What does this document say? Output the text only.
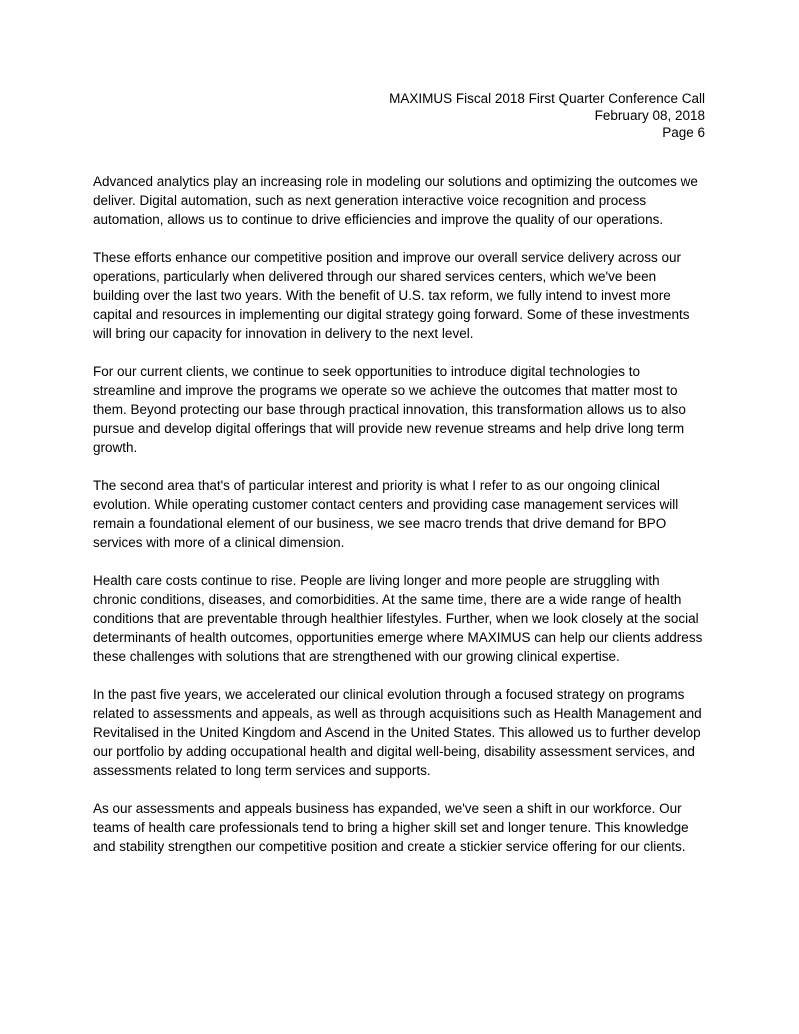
MAXIMUS Fiscal 2018 First Quarter Conference Call
February 08, 2018
Page 6

Advanced analytics play an increasing role in modeling our solutions and optimizing the outcomes we deliver. Digital automation, such as next generation interactive voice recognition and process automation, allows us to continue to drive efficiencies and improve the quality of our operations.

These efforts enhance our competitive position and improve our overall service delivery across our operations, particularly when delivered through our shared services centers, which we've been building over the last two years. With the benefit of U.S. tax reform, we fully intend to invest more capital and resources in implementing our digital strategy going forward. Some of these investments will bring our capacity for innovation in delivery to the next level.

For our current clients, we continue to seek opportunities to introduce digital technologies to streamline and improve the programs we operate so we achieve the outcomes that matter most to them. Beyond protecting our base through practical innovation, this transformation allows us to also pursue and develop digital offerings that will provide new revenue streams and help drive long term growth.

The second area that's of particular interest and priority is what I refer to as our ongoing clinical evolution. While operating customer contact centers and providing case management services will remain a foundational element of our business, we see macro trends that drive demand for BPO services with more of a clinical dimension.

Health care costs continue to rise. People are living longer and more people are struggling with chronic conditions, diseases, and comorbidities. At the same time, there are a wide range of health conditions that are preventable through healthier lifestyles. Further, when we look closely at the social determinants of health outcomes, opportunities emerge where MAXIMUS can help our clients address these challenges with solutions that are strengthened with our growing clinical expertise.

In the past five years, we accelerated our clinical evolution through a focused strategy on programs related to assessments and appeals, as well as through acquisitions such as Health Management and Revitalised in the United Kingdom and Ascend in the United States. This allowed us to further develop our portfolio by adding occupational health and digital well-being, disability assessment services, and assessments related to long term services and supports.

As our assessments and appeals business has expanded, we've seen a shift in our workforce. Our teams of health care professionals tend to bring a higher skill set and longer tenure. This knowledge and stability strengthen our competitive position and create a stickier service offering for our clients.
